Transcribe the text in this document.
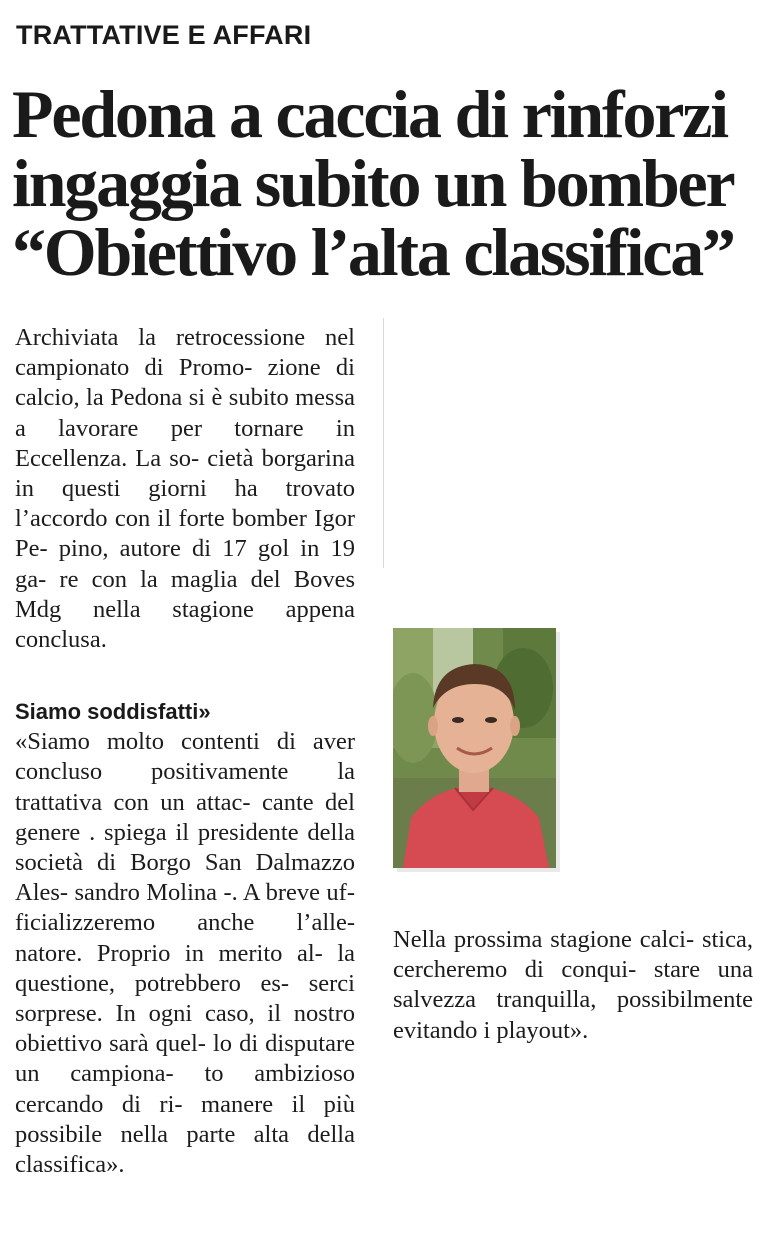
TRATTATIVE E AFFARI
Pedona a caccia di rinforzi
ingaggia subito un bomber
“Obiettivo l’alta classifica”

Archiviata la retrocessione nel campionato di Promo- zione di calcio, la Pedona si è subito messa a lavorare per tornare in Eccellenza. La so- cietà borgarina in questi giorni ha trovato l’accordo con il forte bomber Igor Pe- pino, autore di 17 gol in 19 ga- re con la maglia del Boves Mdg nella stagione appena conclusa.

Siamo soddisfatti»

«Siamo molto contenti di aver concluso positivamente la trattativa con un attac- cante del genere . spiega il presidente della società di Borgo San Dalmazzo Ales- sandro Molina -. A breve uf- ficializzeremo anche l’alle- natore. Proprio in merito al- la questione, potrebbero es- serci sorprese. In ogni caso, il nostro obiettivo sarà quel- lo di disputare un campiona- to ambizioso cercando di ri- manere il più possibile nella parte alta della classifica».

Nella prossima stagione calci- stica, cercheremo di conqui- stare una salvezza tranquilla, possibilmente evitando i playout».
